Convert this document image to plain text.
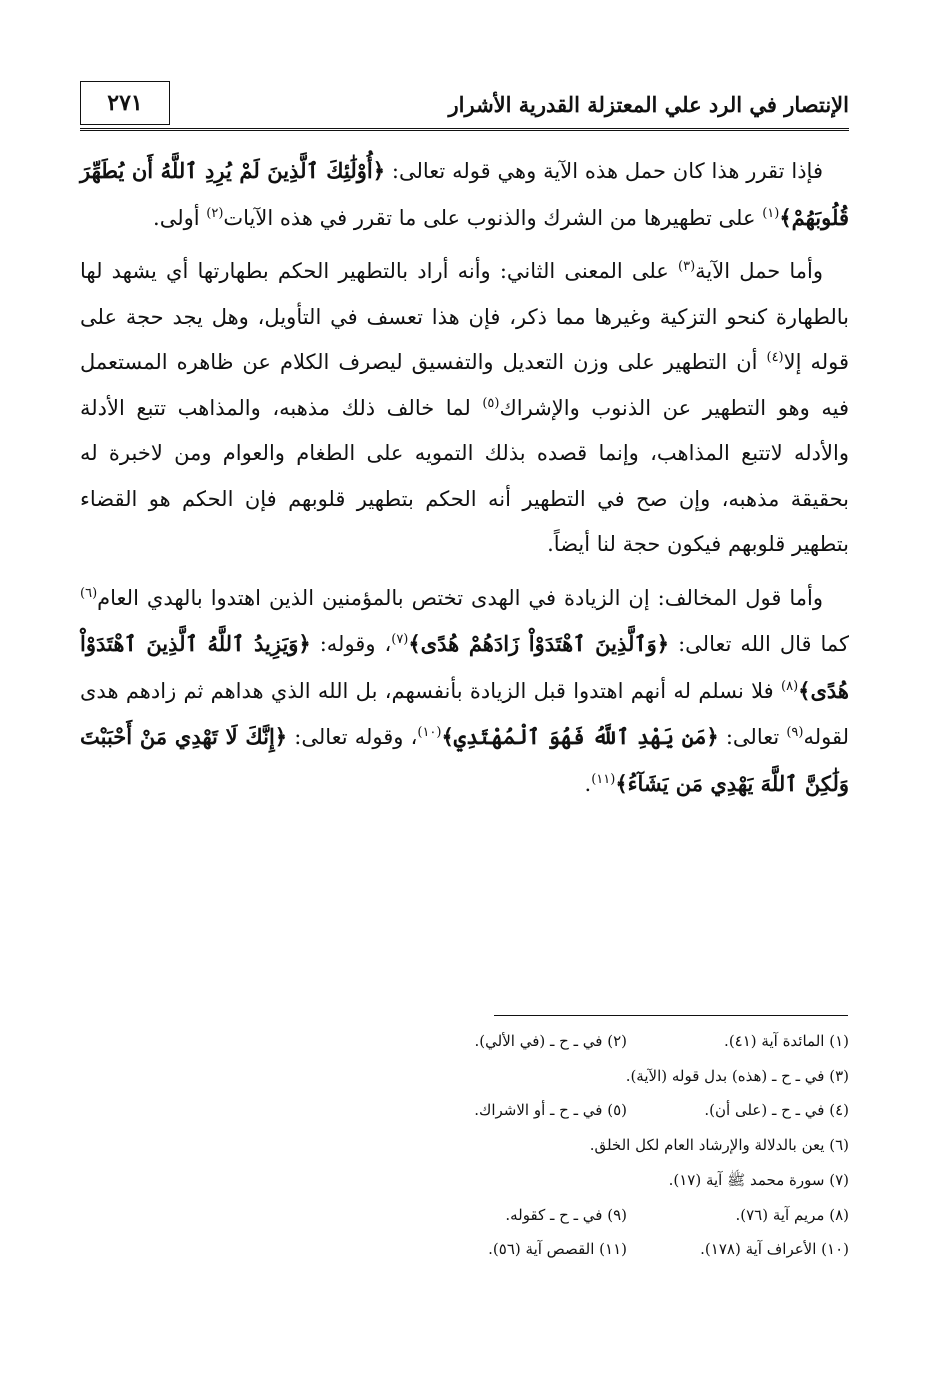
الإنتصار في الرد علي المعتزلة القدرية الأشرار
٢٧١

فإذا تقرر هذا كان حمل هذه الآية وهي قوله تعالى: ﴿أُوْلَٰئِكَ ٱلَّذِينَ لَمْ يُرِدِ ٱللَّهُ أَن يُطَهِّرَ قُلُوبَهُمْ﴾$^{(١)}$ على تطهيرها من الشرك والذنوب على ما تقرر في هذه الآيات$^{(٢)}$ أولى.

وأما حمل الآية$^{(٣)}$ على المعنى الثاني: وأنه أراد بالتطهير الحكم بطهارتها أي يشهد لها بالطهارة كنحو التزكية وغيرها مما ذكر، فإن هذا تعسف في التأويل، وهل يجد حجة على قوله إلا$^{(٤)}$ أن التطهير على وزن التعديل والتفسيق ليصرف الكلام عن ظاهره المستعمل فيه وهو التطهير عن الذنوب والإشراك$^{(٥)}$ لما خالف ذلك مذهبه، والمذاهب تتبع الأدلة والأدله لاتتبع المذاهب، وإنما قصده بذلك التمويه على الطغام والعوام ومن لاخبرة له بحقيقة مذهبه، وإن صح في التطهير أنه الحكم بتطهير قلوبهم فإن الحكم هو القضاء بتطهير قلوبهم فيكون حجة لنا أيضاً.

وأما قول المخالف: إن الزيادة في الهدى تختص بالمؤمنين الذين اهتدوا بالهدي العام$^{(٦)}$ كما قال الله تعالى: ﴿وَٱلَّذِينَ ٱهْتَدَوْاْ زَادَهُمْ هُدًى﴾$^{(٧)}$، وقوله: ﴿وَيَزِيدُ ٱللَّهُ ٱلَّذِينَ ٱهْتَدَوْاْ هُدًى﴾$^{(٨)}$ فلا نسلم له أنهم اهتدوا قبل الزيادة بأنفسهم، بل الله الذي هداهم ثم زادهم هدى لقوله$^{(٩)}$ تعالى: ﴿مَن يَهْدِ ٱللَّهُ فَهُوَ ٱلْمُهْتَدِي﴾$^{(١٠)}$، وقوله تعالى: ﴿إِنَّكَ لَا تَهْدِي مَنْ أَحْبَبْتَ وَلَٰكِنَّ ٱللَّهَ يَهْدِي مَن يَشَآءُ﴾$^{(١١)}$.

(١) المائدة آية (٤١).
(٢) في ـ ح ـ (في الألي).
(٣) في ـ ح ـ (هذه) بدل قوله (الآية).
(٤) في ـ ح ـ (على أن).
(٥) في ـ ح ـ أو الاشراك.
(٦) يعن بالدلالة والإرشاد العام لكل الخلق.
(٧) سورة محمد ﷺ آية (١٧).
(٨) مريم آية (٧٦).
(٩) في ـ ح ـ كقوله.
(١٠) الأعراف آية (١٧٨).
(١١) القصص آية (٥٦).
